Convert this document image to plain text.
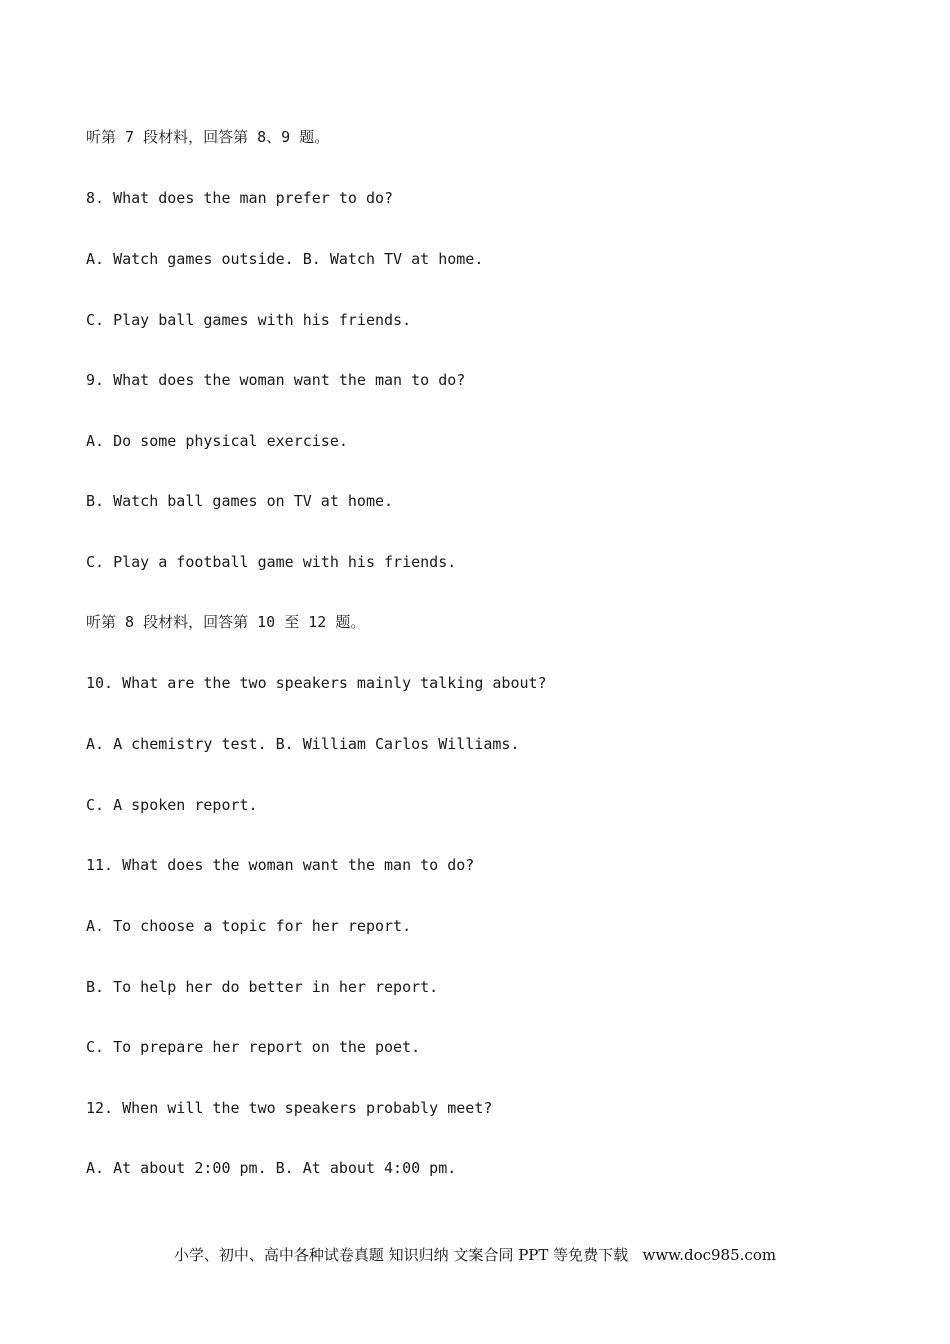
听第 7 段材料，回答第 8、9 题。

8. What does the man prefer to do?

A. Watch games outside. B. Watch TV at home.

C. Play ball games with his friends.

9. What does the woman want the man to do?

A. Do some physical exercise.

B. Watch ball games on TV at home.

C. Play a football game with his friends.

听第 8 段材料，回答第 10 至 12 题。

10. What are the two speakers mainly talking about?

A. A chemistry test. B. William Carlos Williams.

C. A spoken report.

11. What does the woman want the man to do?

A. To choose a topic for her report.

B. To help her do better in her report.

C. To prepare her report on the poet.

12. When will the two speakers probably meet?

A. At about 2:00 pm. B. At about 4:00 pm.

小学、初中、高中各种试卷真题 知识归纳 文案合同 PPT 等免费下载   www.doc985.com
